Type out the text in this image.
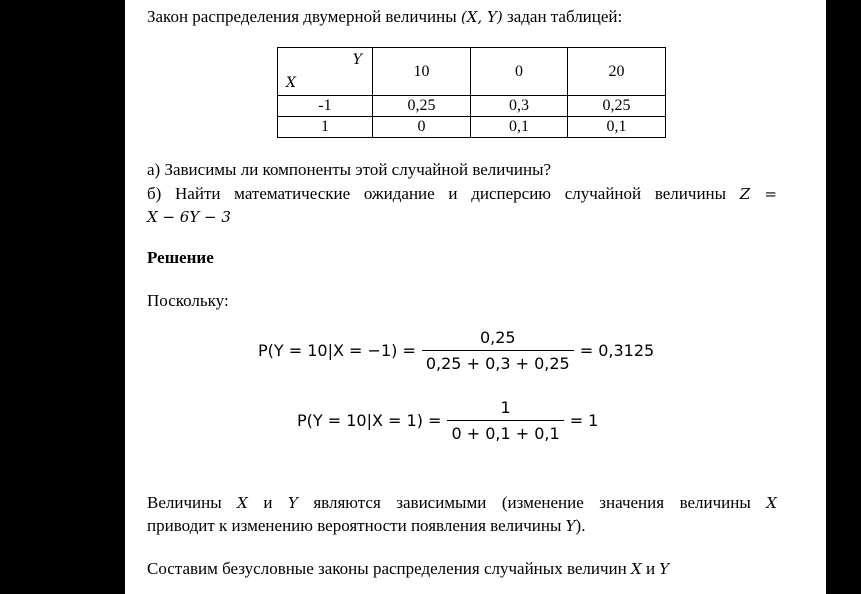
Закон распределения двумерной величины (X, Y) задан таблицей:

Y
X	10	0	20
-1	0,25	0,3	0,25
1	0	0,1	0,1

а) Зависимы ли компоненты этой случайной величины?

б) Найти математические ожидание и дисперсию случайной величины Z =

X − 6Y − 3

Решение

Поскольку:

$P(Y = 10|X = -1) = \frac{0,25}{0,25 + 0,3 + 0,25} = 0,3125$
$P(Y = 10|X = 1) = \frac{1}{0 + 0,1 + 0,1} = 1$

Величины X и Y являются зависимыми (изменение значения величины X

приводит к изменению вероятности появления величины Y).

Составим безусловные законы распределения случайных величин X и Y
